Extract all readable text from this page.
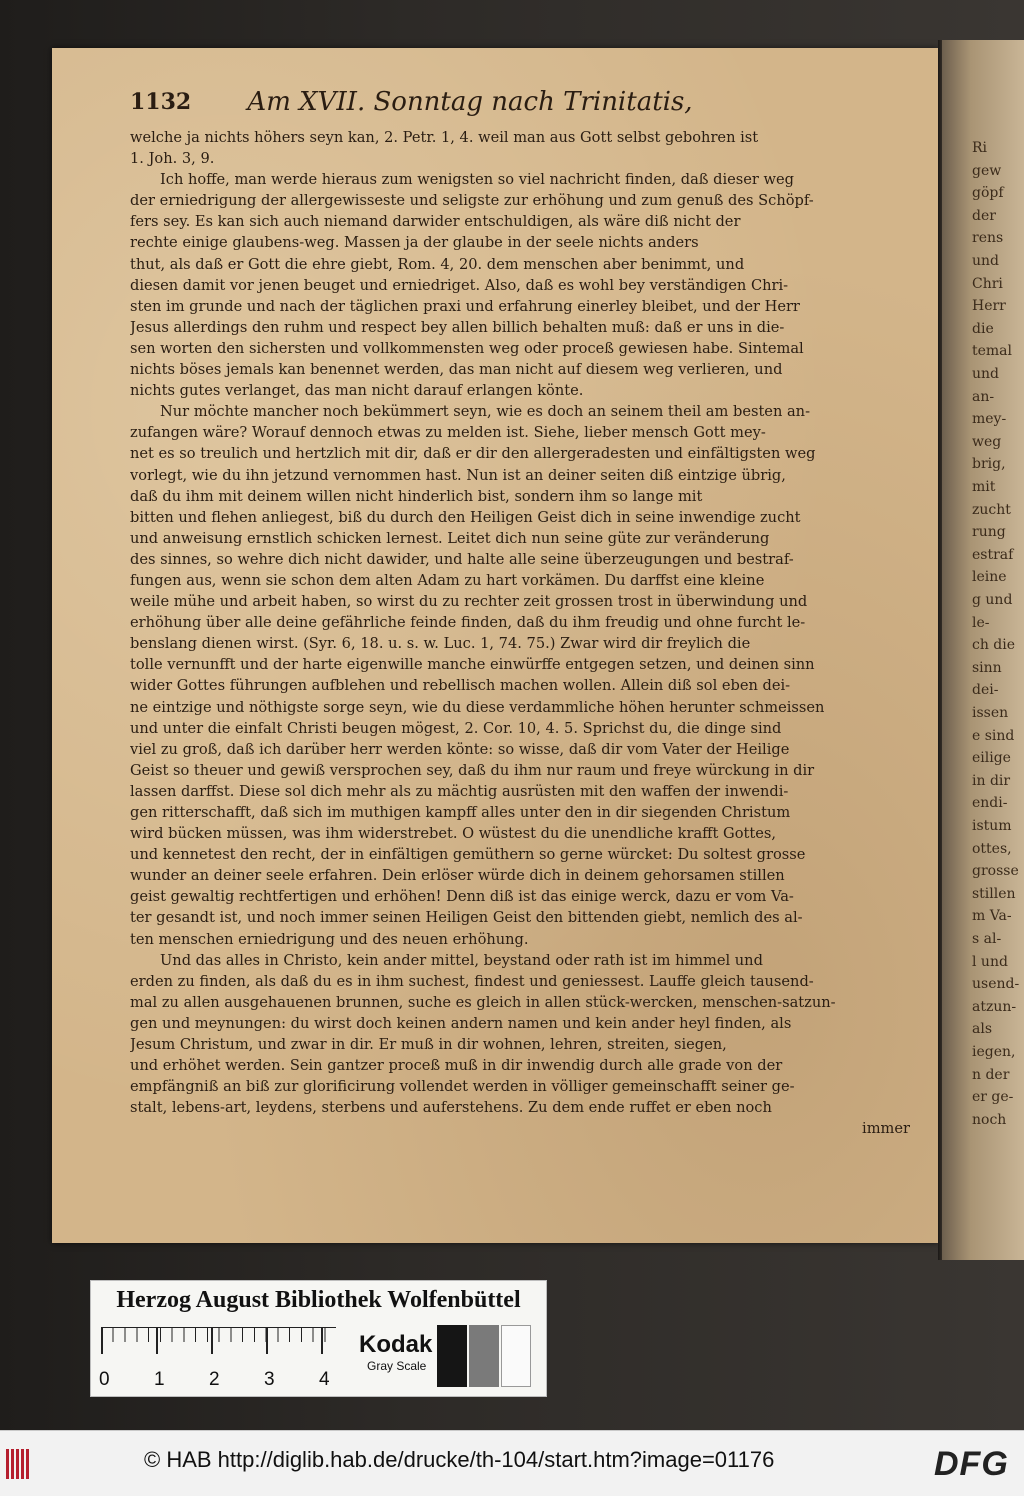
1132	Am XVII. Sonntag nach Trinitatis,
welche ja nichts höhers seyn kan, 2. Petr. 1, 4. weil man aus Gott selbst gebohren ist
1. Joh. 3, 9.
Ich hoffe, man werde hieraus zum wenigsten so viel nachricht finden, daß dieser weg
der erniedrigung der allergewisseste und seligste zur erhöhung und zum genuß des Schöpf-
fers sey. Es kan sich auch niemand darwider entschuldigen, als wäre diß nicht der
rechte einige glaubens-weg. Massen ja der glaube in der seele nichts anders
thut, als daß er Gott die ehre giebt, Rom. 4, 20. dem menschen aber benimmt, und
diesen damit vor jenen beuget und erniedriget. Also, daß es wohl bey verständigen Chri-
sten im grunde und nach der täglichen praxi und erfahrung einerley bleibet, und der Herr
Jesus allerdings den ruhm und respect bey allen billich behalten muß: daß er uns in die-
sen worten den sichersten und vollkommensten weg oder proceß gewiesen habe. Sintemal
nichts böses jemals kan benennet werden, das man nicht auf diesem weg verlieren, und
nichts gutes verlanget, das man nicht darauf erlangen könte.
Nur möchte mancher noch bekümmert seyn, wie es doch an seinem theil am besten an-
zufangen wäre? Worauf dennoch etwas zu melden ist. Siehe, lieber mensch Gott mey-
net es so treulich und hertzlich mit dir, daß er dir den allergeradesten und einfältigsten weg
vorlegt, wie du ihn jetzund vernommen hast. Nun ist an deiner seiten diß eintzige übrig,
daß du ihm mit deinem willen nicht hinderlich bist, sondern ihm so lange mit
bitten und flehen anliegest, biß du durch den Heiligen Geist dich in seine inwendige zucht
und anweisung ernstlich schicken lernest. Leitet dich nun seine güte zur veränderung
des sinnes, so wehre dich nicht dawider, und halte alle seine überzeugungen und bestraf-
fungen aus, wenn sie schon dem alten Adam zu hart vorkämen. Du darffst eine kleine
weile mühe und arbeit haben, so wirst du zu rechter zeit grossen trost in überwindung und
erhöhung über alle deine gefährliche feinde finden, daß du ihm freudig und ohne furcht le-
benslang dienen wirst. (Syr. 6, 18. u. s. w. Luc. 1, 74. 75.) Zwar wird dir freylich die
tolle vernunfft und der harte eigenwille manche einwürffe entgegen setzen, und deinen sinn
wider Gottes führungen aufblehen und rebellisch machen wollen. Allein diß sol eben dei-
ne eintzige und nöthigste sorge seyn, wie du diese verdammliche höhen herunter schmeissen
und unter die einfalt Christi beugen mögest, 2. Cor. 10, 4. 5. Sprichst du, die dinge sind
viel zu groß, daß ich darüber herr werden könte: so wisse, daß dir vom Vater der Heilige
Geist so theuer und gewiß versprochen sey, daß du ihm nur raum und freye würckung in dir
lassen darffst. Diese sol dich mehr als zu mächtig ausrüsten mit den waffen der inwendi-
gen ritterschafft, daß sich im muthigen kampff alles unter den in dir siegenden Christum
wird bücken müssen, was ihm widerstrebet. O wüstest du die unendliche krafft Gottes,
und kennetest den recht, der in einfältigen gemüthern so gerne würcket: Du soltest grosse
wunder an deiner seele erfahren. Dein erlöser würde dich in deinem gehorsamen stillen
geist gewaltig rechtfertigen und erhöhen! Denn diß ist das einige werck, dazu er vom Va-
ter gesandt ist, und noch immer seinen Heiligen Geist den bittenden giebt, nemlich des al-
ten menschen erniedrigung und des neuen erhöhung.
Und das alles in Christo, kein ander mittel, beystand oder rath ist im himmel und
erden zu finden, als daß du es in ihm suchest, findest und geniessest. Lauffe gleich tausend-
mal zu allen ausgehauenen brunnen, suche es gleich in allen stück-wercken, menschen-satzun-
gen und meynungen: du wirst doch keinen andern namen und kein ander heyl finden, als
Jesum Christum, und zwar in dir. Er muß in dir wohnen, lehren, streiten, siegen,
und erhöhet werden. Sein gantzer proceß muß in dir inwendig durch alle grade von der
empfängniß an biß zur glorificirung vollendet werden in völliger gemeinschafft seiner ge-
stalt, lebens-art, leydens, sterbens und auferstehens. Zu dem ende ruffet er eben noch
immer
Ri
gew
göpf
der
rens
und
Chri
Herr
die
temal
und
an-
mey-
weg
brig,
mit
zucht
rung
estraf
leine
g und
le-
ch die
sinn
dei-
issen
e sind
eilige
in dir
endi-
istum
ottes,
grosse
stillen
m Va-
s al-
l und
usend-
atzun-
als
iegen,
n der
er ge-
noch
Herzog August Bibliothek Wolfenbüttel
0 1 2 3 4
Kodak
Gray Scale
© HAB http://diglib.hab.de/drucke/th-104/start.htm?image=01176	DFG
